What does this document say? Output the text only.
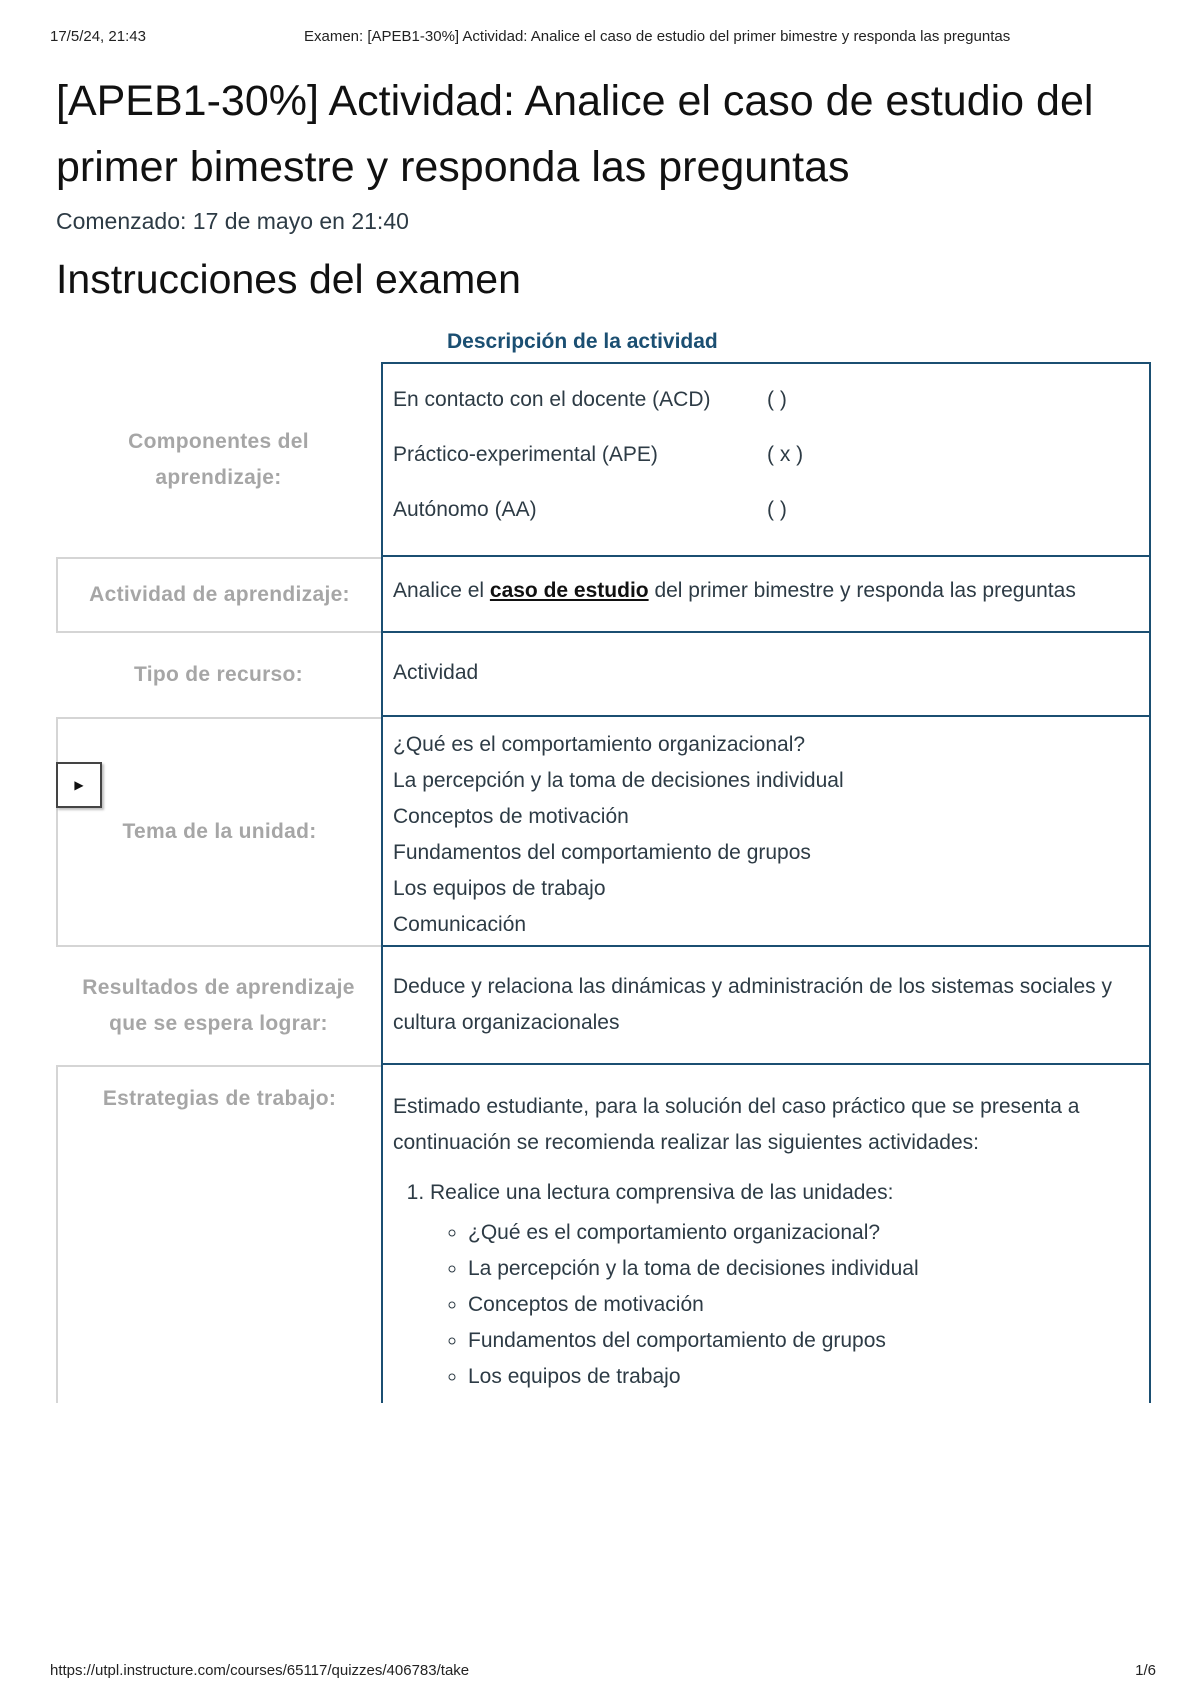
17/5/24, 21:43	Examen: [APEB1-30%] Actividad: Analice el caso de estudio del primer bimestre y responda las preguntas
[APEB1-30%] Actividad: Analice el caso de estudio del primer bimestre y responda las preguntas
Comenzado: 17 de mayo en 21:40
Instrucciones del examen
Descripción de la actividad
Componentes del aprendizaje:
En contacto con el docente (ACD)	( )
Práctico-experimental (APE)	( x )
Autónomo (AA)	( )
Actividad de aprendizaje:	Analice el caso de estudio del primer bimestre y responda las preguntas
Tipo de recurso:	Actividad
Tema de la unidad:

¿Qué es el comportamiento organizacional?

La percepción y la toma de decisiones individual

Conceptos de motivación

Fundamentos del comportamiento de grupos

Los equipos de trabajo

Comunicación

Resultados de aprendizaje que se espera lograr:
Deduce y relaciona las dinámicas y administración de los sistemas sociales y cultura organizacionales
Estrategias de trabajo:	Estimado estudiante, para la solución del caso práctico que se presenta a continuación se recomienda realizar las siguientes actividades:

1. Realice una lectura comprensiva de las unidades:
◦ ¿Qué es el comportamiento organizacional?
◦ La percepción y la toma de decisiones individual
◦ Conceptos de motivación
◦ Fundamentos del comportamiento de grupos
◦ Los equipos de trabajo
▶
https://utpl.instructure.com/courses/65117/quizzes/406783/take	1/6
